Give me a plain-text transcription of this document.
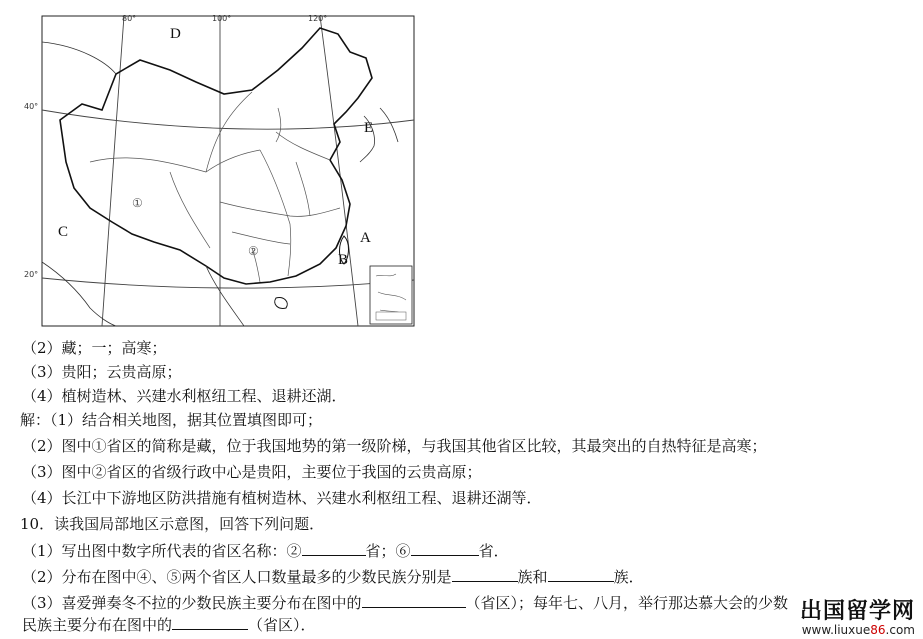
80°	100°	120°
40°
20°
D
E
A
B
C
①
②
（2）藏；一；高寒；
（3）贵阳；云贵高原；
（4）植树造林、兴建水利枢纽工程、退耕还湖．
解：（1）结合相关地图，据其位置填图即可；
（2）图中①省区的简称是藏，位于我国地势的第一级阶梯，与我国其他省区比较，其最突出的自热特征是高寒；
（3）图中②省区的省级行政中心是贵阳，主要位于我国的云贵高原；
（4）长江中下游地区防洪措施有植树造林、兴建水利枢纽工程、退耕还湖等．
10．读我国局部地区示意图，回答下列问题．
（1）写出图中数字所代表的省区名称：②	省；⑥	省．
（2）分布在图中④、⑤两个省区人口数量最多的少数民族分别是	族和	族．
（3）喜爱弹奏冬不拉的少数民族主要分布在图中的	（省区）；每年七、八月，举行那达慕大会的少数
民族主要分布在图中的	（省区）．
出国留学网
www.liuxue86.com
